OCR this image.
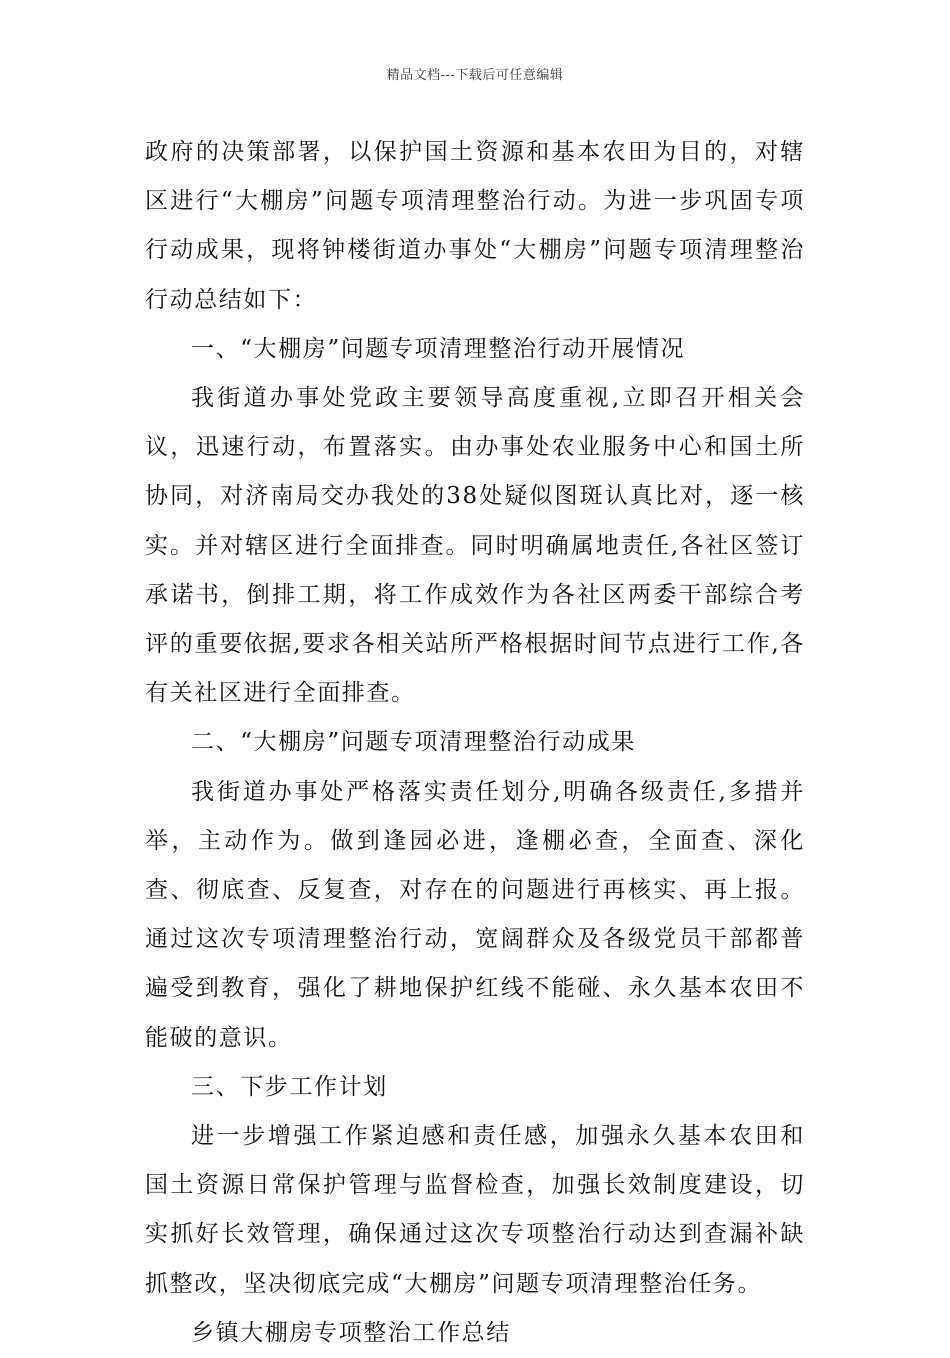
精品文档---下载后可任意编辑

政府的决策部署，以保护国土资源和基本农田为目的，对辖区进行“大棚房”问题专项清理整治行动。为进一步巩固专项行动成果，现将钟楼街道办事处“大棚房”问题专项清理整治行动总结如下：

一、“大棚房”问题专项清理整治行动开展情况

我街道办事处党政主要领导高度重视,立即召开相关会议，迅速行动，布置落实。由办事处农业服务中心和国土所协同，对济南局交办我处的38处疑似图斑认真比对，逐一核实。并对辖区进行全面排查。同时明确属地责任,各社区签订承诺书，倒排工期，将工作成效作为各社区两委干部综合考评的重要依据,要求各相关站所严格根据时间节点进行工作,各有关社区进行全面排查。

二、“大棚房”问题专项清理整治行动成果

我街道办事处严格落实责任划分,明确各级责任,多措并举，主动作为。做到逢园必进，逢棚必查，全面查、深化查、彻底查、反复查，对存在的问题进行再核实、再上报。通过这次专项清理整治行动，宽阔群众及各级党员干部都普遍受到教育，强化了耕地保护红线不能碰、永久基本农田不能破的意识。

三、下步工作计划

进一步增强工作紧迫感和责任感，加强永久基本农田和国土资源日常保护管理与监督检查，加强长效制度建设，切实抓好长效管理，确保通过这次专项整治行动达到查漏补缺抓整改，坚决彻底完成“大棚房”问题专项清理整治任务。

乡镇大棚房专项整治工作总结
